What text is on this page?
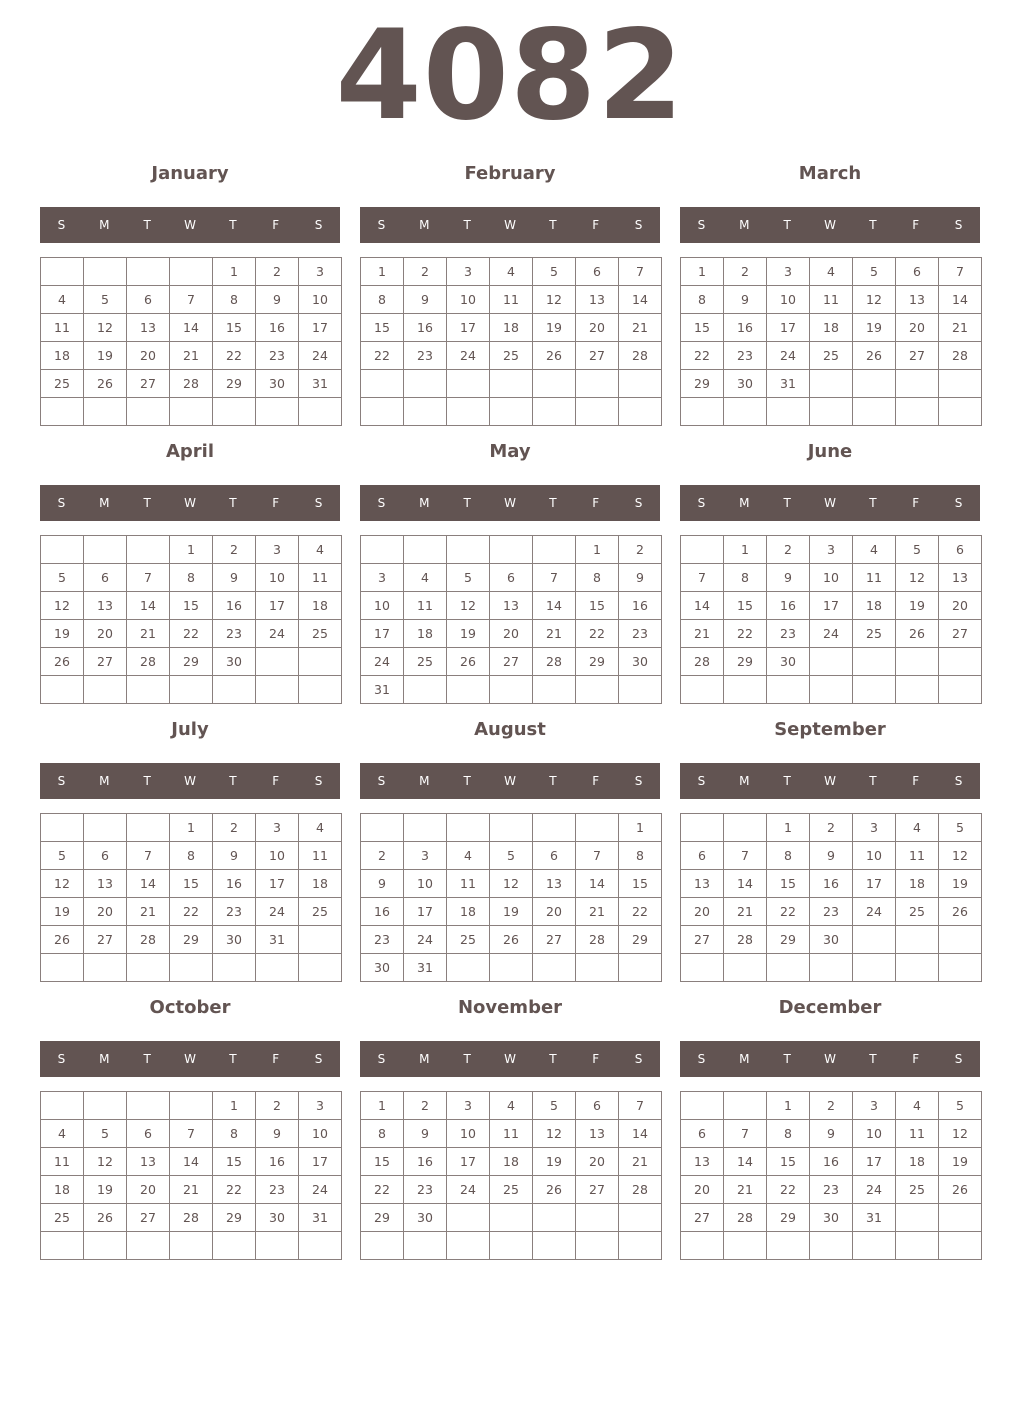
4082
January
S	M	T	W	T	F	S
				1	2	3
4	5	6	7	8	9	10
11	12	13	14	15	16	17
18	19	20	21	22	23	24
25	26	27	28	29	30	31

February
S	M	T	W	T	F	S
1	2	3	4	5	6	7
8	9	10	11	12	13	14
15	16	17	18	19	20	21
22	23	24	25	26	27	28

March
S	M	T	W	T	F	S
1	2	3	4	5	6	7
8	9	10	11	12	13	14
15	16	17	18	19	20	21
22	23	24	25	26	27	28
29	30	31				

April
S	M	T	W	T	F	S
			1	2	3	4
5	6	7	8	9	10	11
12	13	14	15	16	17	18
19	20	21	22	23	24	25
26	27	28	29	30		

May
S	M	T	W	T	F	S
					1	2
3	4	5	6	7	8	9
10	11	12	13	14	15	16
17	18	19	20	21	22	23
24	25	26	27	28	29	30
31						
June
S	M	T	W	T	F	S
	1	2	3	4	5	6
7	8	9	10	11	12	13
14	15	16	17	18	19	20
21	22	23	24	25	26	27
28	29	30				

July
S	M	T	W	T	F	S
			1	2	3	4
5	6	7	8	9	10	11
12	13	14	15	16	17	18
19	20	21	22	23	24	25
26	27	28	29	30	31	

August
S	M	T	W	T	F	S
						1
2	3	4	5	6	7	8
9	10	11	12	13	14	15
16	17	18	19	20	21	22
23	24	25	26	27	28	29
30	31					
September
S	M	T	W	T	F	S
		1	2	3	4	5
6	7	8	9	10	11	12
13	14	15	16	17	18	19
20	21	22	23	24	25	26
27	28	29	30			

October
S	M	T	W	T	F	S
				1	2	3
4	5	6	7	8	9	10
11	12	13	14	15	16	17
18	19	20	21	22	23	24
25	26	27	28	29	30	31

November
S	M	T	W	T	F	S
1	2	3	4	5	6	7
8	9	10	11	12	13	14
15	16	17	18	19	20	21
22	23	24	25	26	27	28
29	30					

December
S	M	T	W	T	F	S
		1	2	3	4	5
6	7	8	9	10	11	12
13	14	15	16	17	18	19
20	21	22	23	24	25	26
27	28	29	30	31		
